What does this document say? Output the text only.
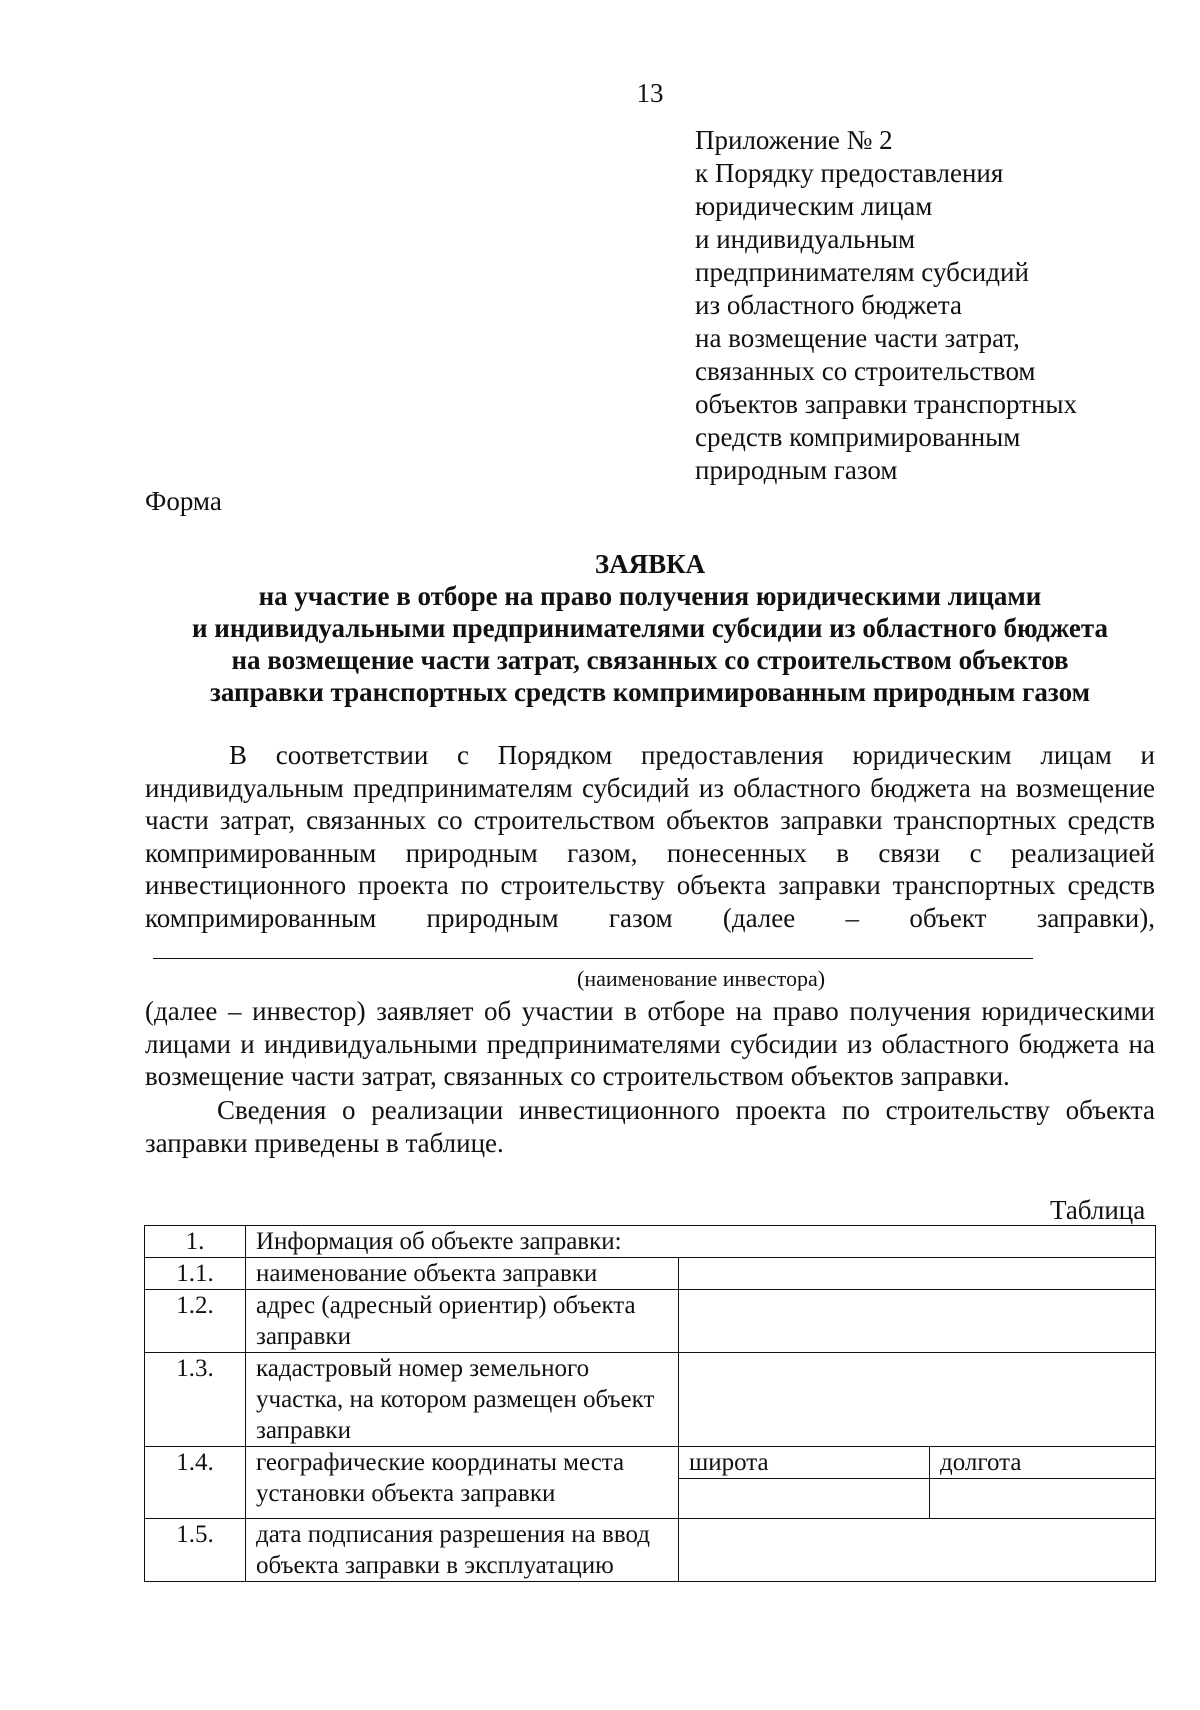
13
Приложение № 2
к Порядку предоставления
юридическим лицам
и индивидуальным
предпринимателям субсидий
из областного бюджета
на возмещение части затрат,
связанных со строительством
объектов заправки транспортных
средств компримированным
природным газом
Форма
ЗАЯВКА
на участие в отборе на право получения юридическими лицами
и индивидуальными предпринимателями субсидии из областного бюджета
на возмещение части затрат, связанных со строительством объектов
заправки транспортных средств компримированным природным газом
В соответствии с Порядком предоставления юридическим лицам и индивидуальным предпринимателям субсидий из областного бюджета на возмещение части затрат, связанных со строительством объектов заправки транспортных средств компримированным природным газом, понесенных в связи с реализацией инвестиционного проекта по строительству объекта заправки транспортных средств компримированным природным газом (далее – объект заправки),
(наименование инвестора)
(далее – инвестор) заявляет об участии в отборе на право получения юридическими лицами и индивидуальными предпринимателями субсидии из областного бюджета на возмещение части затрат, связанных со строительством объектов заправки.
Сведения о реализации инвестиционного проекта по строительству объекта заправки приведены в таблице.
Таблица
1.	Информация об объекте заправки:		
1.1.	наименование объекта заправки		
1.2.	адрес (адресный ориентир) объекта заправки		
1.3.	кадастровый номер земельного участка, на котором размещен объект заправки		
1.4.	географические координаты места установки объекта заправки	широта	долгота

1.5.	дата подписания разрешения на ввод объекта заправки в эксплуатацию		
